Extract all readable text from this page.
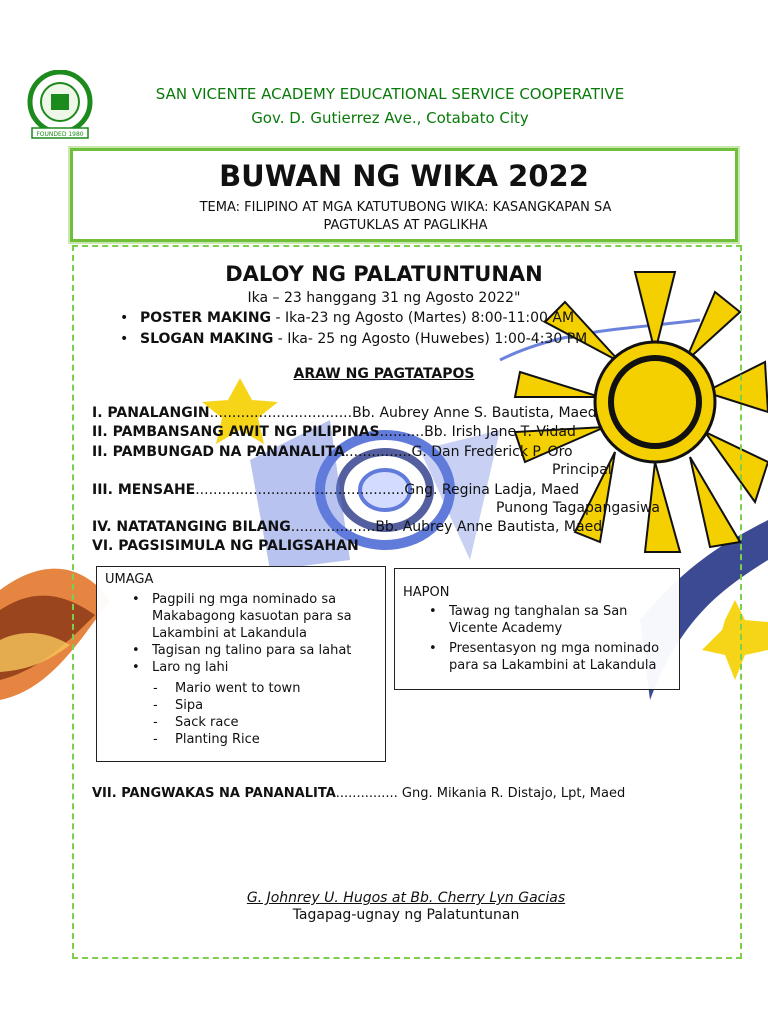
FOUNDED 1980
SAN VICENTE ACADEMY EDUCATIONAL SERVICE COOPERATIVE
Gov. D. Gutierrez Ave., Cotabato City
BUWAN NG WIKA 2022
TEMA: FILIPINO AT MGA KATUTUBONG WIKA: KASANGKAPAN SA
PAGTUKLAS AT PAGLIKHA
DALOY NG PALATUNTUNAN
Ika – 23 hanggang 31 ng Agosto 2022"
• POSTER MAKING - Ika-23 ng Agosto (Martes) 8:00-11:00 AM
• SLOGAN MAKING - Ika- 25 ng Agosto (Huwebes) 1:00-4:30 PM
ARAW NG PAGTATAPOS
I. PANALANGIN................................Bb. Aubrey Anne S. Bautista, Maed
II. PAMBANSANG AWIT NG PILIPINAS..........Bb. Irish Jane T. Vidad
II. PAMBUNGAD NA PANANALITA...............G. Dan Frederick P. Oro
Principal
III. MENSAHE...............................................Gng. Regina Ladja, Maed
Punong Tagapangasiwa
IV. NATATANGING BILANG...................Bb. Aubrey Anne Bautista, Maed
VI. PAGSISIMULA NG PALIGSAHAN
UMAGA
• Pagpili ng mga nominado sa Makabagong kasuotan para sa Lakambini at Lakandula
• Tagisan ng talino para sa lahat
• Laro ng lahi
- Mario went to town
- Sipa
- Sack race
- Planting Rice
HAPON
• Tawag ng tanghalan sa San Vicente Academy
• Presentasyon ng mga nominado para sa Lakambini at Lakandula
VII. PANGWAKAS NA PANANALITA............... Gng. Mikania R. Distajo, Lpt, Maed
G. Johnrey U. Hugos at Bb. Cherry Lyn Gacias
Tagapag-ugnay ng Palatuntunan
